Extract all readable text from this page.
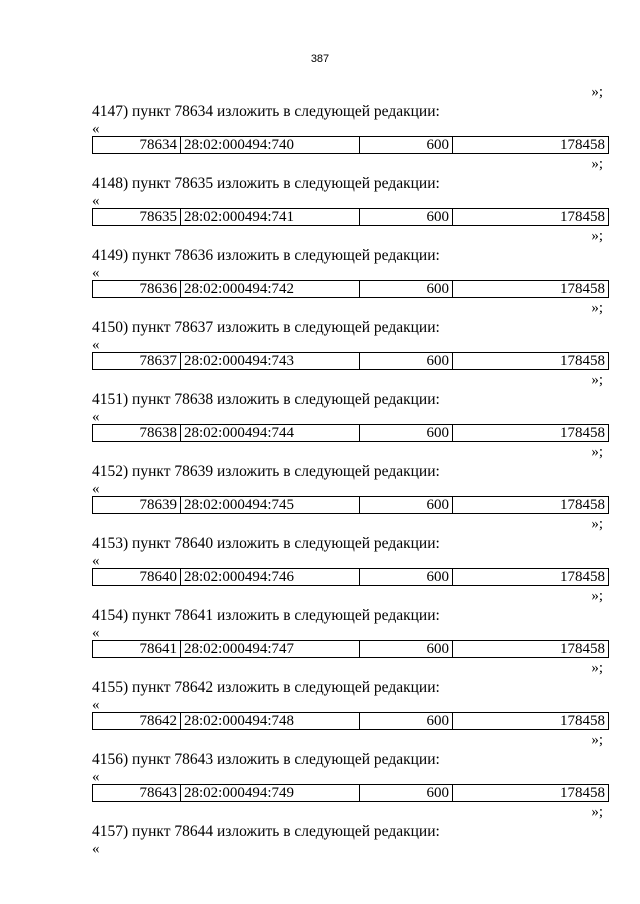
387
»;
4147) пункт 78634 изложить в следующей редакции:
«
78634	28:02:000494:740	600	178458
»;
4148) пункт 78635 изложить в следующей редакции:
«
78635	28:02:000494:741	600	178458
»;
4149) пункт 78636 изложить в следующей редакции:
«
78636	28:02:000494:742	600	178458
»;
4150) пункт 78637 изложить в следующей редакции:
«
78637	28:02:000494:743	600	178458
»;
4151) пункт 78638 изложить в следующей редакции:
«
78638	28:02:000494:744	600	178458
»;
4152) пункт 78639 изложить в следующей редакции:
«
78639	28:02:000494:745	600	178458
»;
4153) пункт 78640 изложить в следующей редакции:
«
78640	28:02:000494:746	600	178458
»;
4154) пункт 78641 изложить в следующей редакции:
«
78641	28:02:000494:747	600	178458
»;
4155) пункт 78642 изложить в следующей редакции:
«
78642	28:02:000494:748	600	178458
»;
4156) пункт 78643 изложить в следующей редакции:
«
78643	28:02:000494:749	600	178458
»;
4157) пункт 78644 изложить в следующей редакции:
«
